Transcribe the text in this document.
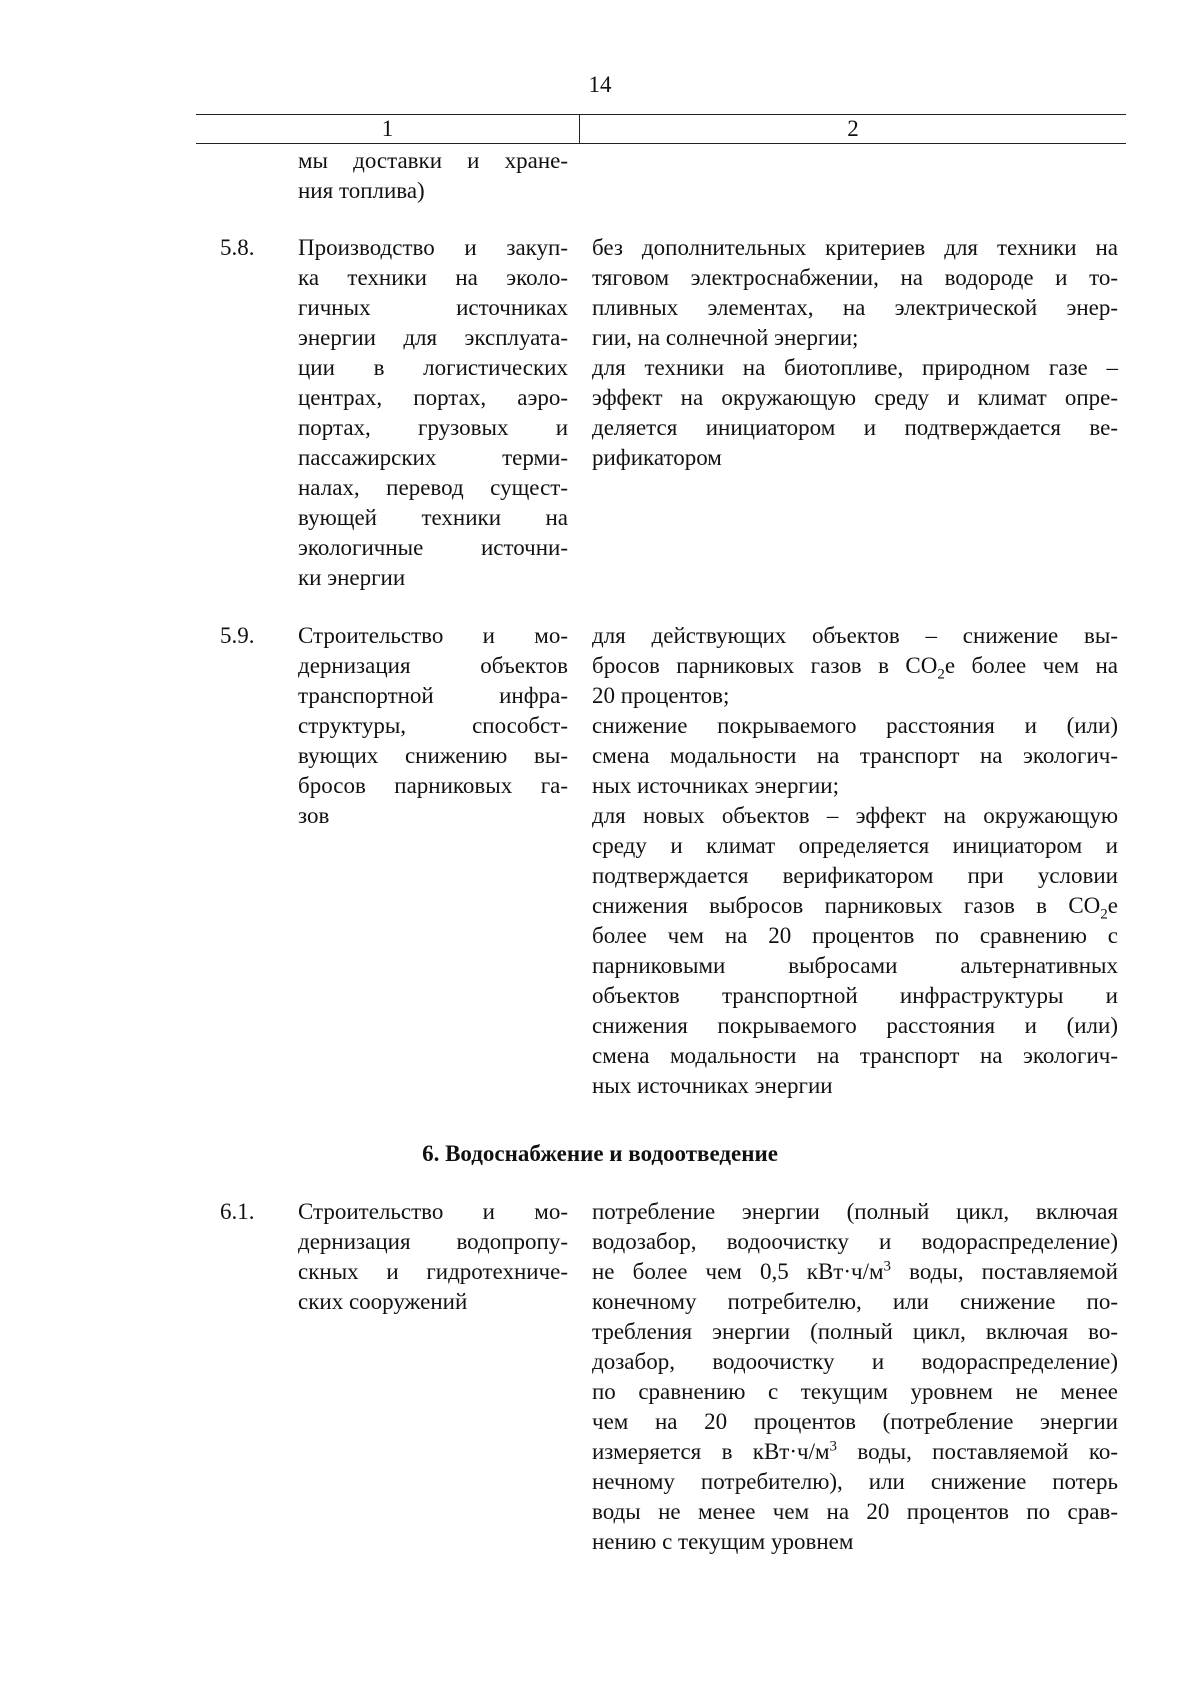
14
1	2
мы доставки и хране-
ния топлива)
5.8. Производство и закуп-
ка техники на эколо-
гичных источниках
энергии для эксплуата-
ции в логистических
центрах, портах, аэро-
портах, грузовых и
пассажирских терми-
налах, перевод сущест-
вующей техники на
экологичные источни-
ки энергии
без дополнительных критериев для техники на
тяговом электроснабжении, на водороде и то-
пливных элементах, на электрической энер-
гии, на солнечной энергии;
для техники на биотопливе, природном газе –
эффект на окружающую среду и климат опре-
деляется инициатором и подтверждается ве-
рификатором
5.9. Строительство и мо-
дернизация объектов
транспортной инфра-
структуры, способст-
вующих снижению вы-
бросов парниковых га-
зов
для действующих объектов – снижение вы-
бросов парниковых газов в $CO_2е$ более чем на
20 процентов;
снижение покрываемого расстояния и (или)
смена модальности на транспорт на экологич-
ных источниках энергии;
для новых объектов – эффект на окружающую
среду и климат определяется инициатором и
подтверждается верификатором при условии
снижения выбросов парниковых газов в $CO_2е$
более чем на 20 процентов по сравнению с
парниковыми выбросами альтернативных
объектов транспортной инфраструктуры и
снижения покрываемого расстояния и (или)
смена модальности на транспорт на экологич-
ных источниках энергии
6. Водоснабжение и водоотведение
6.1. Строительство и мо-
дернизация водопропу-
скных и гидротехниче-
ских сооружений
потребление энергии (полный цикл, включая
водозабор, водоочистку и водораспределение)
не более чем 0,5 $кВт\cdot ч/м^3$ воды, поставляемой
конечному потребителю, или снижение по-
требления энергии (полный цикл, включая во-
дозабор, водоочистку и водораспределение)
по сравнению с текущим уровнем не менее
чем на 20 процентов (потребление энергии
измеряется в $кВт\cdot ч/м^3$ воды, поставляемой ко-
нечному потребителю), или снижение потерь
воды не менее чем на 20 процентов по срав-
нению с текущим уровнем
